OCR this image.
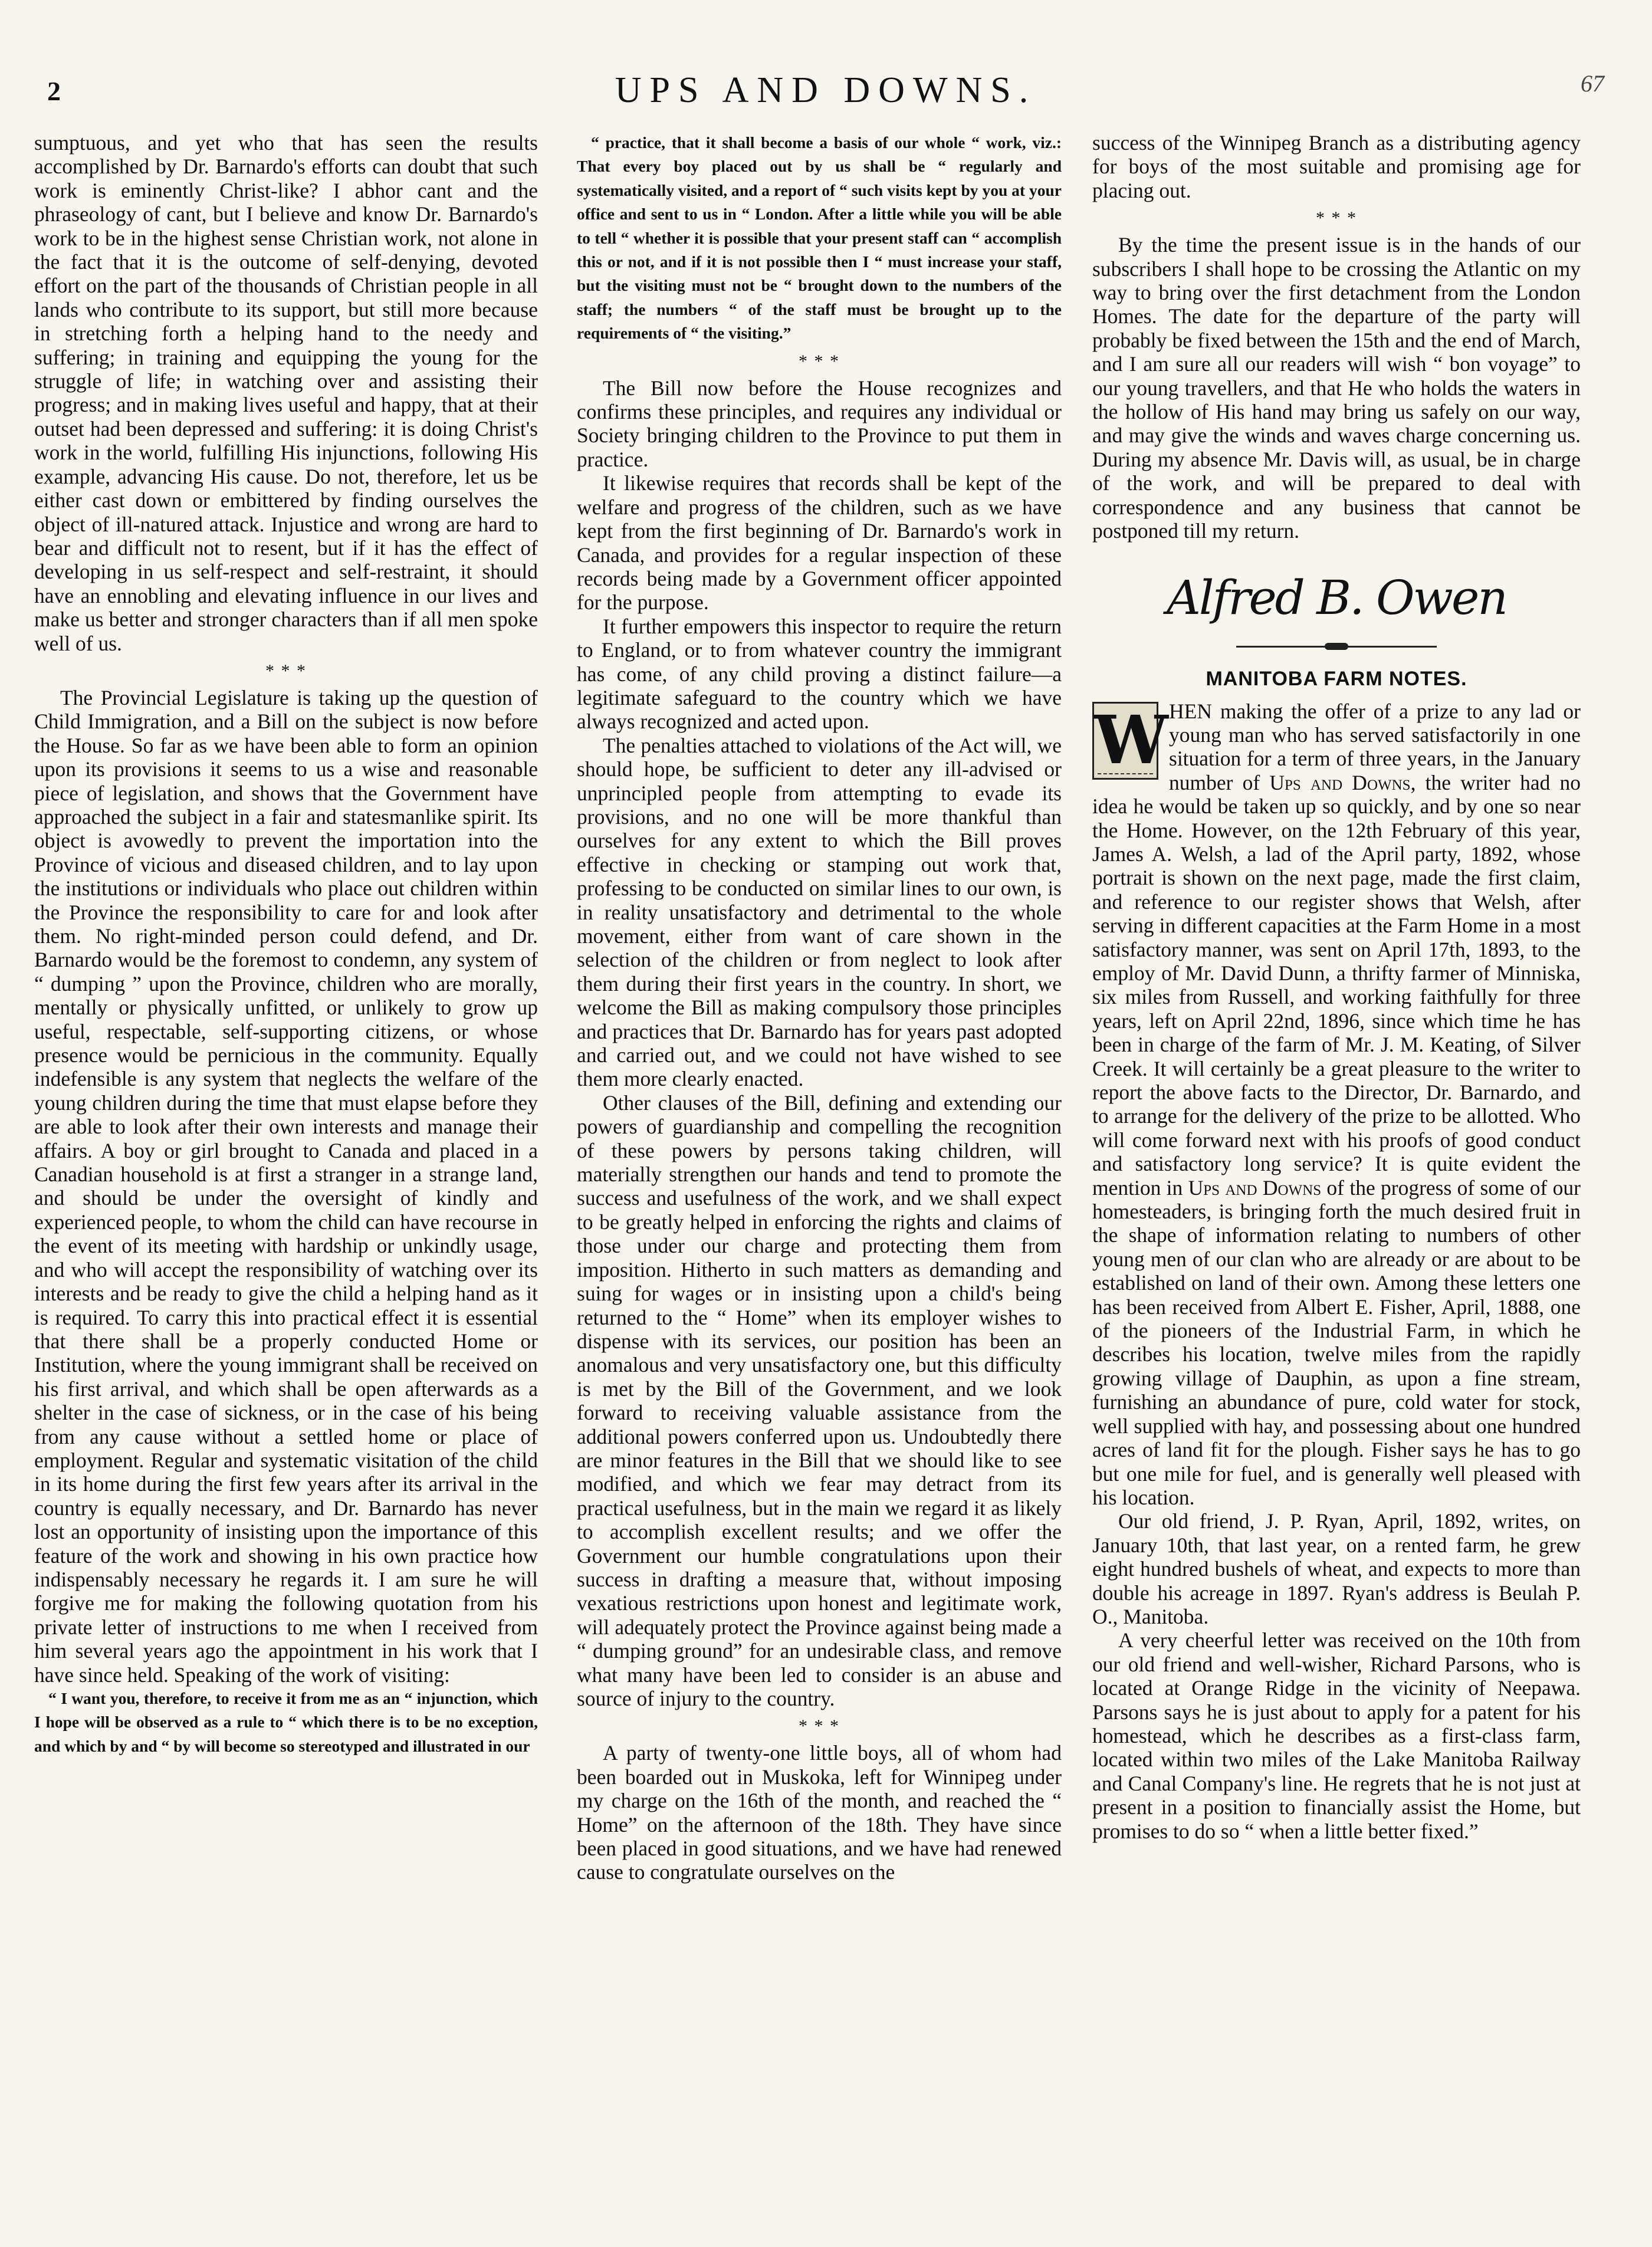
UPS AND DOWNS.
2	67

sumptuous, and yet who that has seen the results accomplished by Dr. Barnardo's efforts can doubt that such work is eminently Christ-like? I abhor cant and the phraseology of cant, but I believe and know Dr. Barnardo's work to be in the highest sense Christian work, not alone in the fact that it is the outcome of self-denying, devoted effort on the part of the thousands of Christian people in all lands who contribute to its support, but still more because in stretching forth a helping hand to the needy and suffering; in training and equipping the young for the struggle of life; in watching over and assisting their progress; and in making lives useful and happy, that at their outset had been depressed and suffering: it is doing Christ's work in the world, fulfilling His injunctions, following His example, advancing His cause. Do not, therefore, let us be either cast down or embittered by finding ourselves the object of ill-natured attack. Injustice and wrong are hard to bear and difficult not to resent, but if it has the effect of developing in us self-respect and self-restraint, it should have an ennobling and elevating influence in our lives and make us better and stronger characters than if all men spoke well of us.

* * *

The Provincial Legislature is taking up the question of Child Immigration, and a Bill on the subject is now before the House. So far as we have been able to form an opinion upon its provisions it seems to us a wise and reasonable piece of legislation, and shows that the Government have approached the subject in a fair and statesmanlike spirit. Its object is avowedly to prevent the importation into the Province of vicious and diseased children, and to lay upon the institutions or individuals who place out children within the Province the responsibility to care for and look after them. No right-minded person could defend, and Dr. Barnardo would be the foremost to condemn, any system of “ dumping ” upon the Province, children who are morally, mentally or physically unfitted, or unlikely to grow up useful, respectable, self-supporting citizens, or whose presence would be pernicious in the community. Equally indefensible is any system that neglects the welfare of the young children during the time that must elapse before they are able to look after their own interests and manage their affairs. A boy or girl brought to Canada and placed in a Canadian household is at first a stranger in a strange land, and should be under the oversight of kindly and experienced people, to whom the child can have recourse in the event of its meeting with hardship or unkindly usage, and who will accept the responsibility of watching over its interests and be ready to give the child a helping hand as it is required. To carry this into practical effect it is essential that there shall be a properly conducted Home or Institution, where the young immigrant shall be received on his first arrival, and which shall be open afterwards as a shelter in the case of sickness, or in the case of his being from any cause without a settled home or place of employment. Regular and systematic visitation of the child in its home during the first few years after its arrival in the country is equally necessary, and Dr. Barnardo has never lost an opportunity of insisting upon the importance of this feature of the work and showing in his own practice how indispensably necessary he regards it. I am sure he will forgive me for making the following quotation from his private letter of instructions to me when I received from him several years ago the appointment in his work that I have since held. Speaking of the work of visiting:

“ I want you, therefore, to receive it from me as an “ injunction, which I hope will be observed as a rule to “ which there is to be no exception, and which by and “ by will become so stereotyped and illustrated in our

“ practice, that it shall become a basis of our whole “ work, viz.: That every boy placed out by us shall be “ regularly and systematically visited, and a report of “ such visits kept by you at your office and sent to us in “ London. After a little while you will be able to tell “ whether it is possible that your present staff can “ accomplish this or not, and if it is not possible then I “ must increase your staff, but the visiting must not be “ brought down to the numbers of the staff; the numbers “ of the staff must be brought up to the requirements of “ the visiting.”

* * *

The Bill now before the House recognizes and confirms these principles, and requires any individual or Society bringing children to the Province to put them in practice.

It likewise requires that records shall be kept of the welfare and progress of the children, such as we have kept from the first beginning of Dr. Barnardo's work in Canada, and provides for a regular inspection of these records being made by a Government officer appointed for the purpose.

It further empowers this inspector to require the return to England, or to from whatever country the immigrant has come, of any child proving a distinct failure—a legitimate safeguard to the country which we have always recognized and acted upon.

The penalties attached to violations of the Act will, we should hope, be sufficient to deter any ill-advised or unprincipled people from attempting to evade its provisions, and no one will be more thankful than ourselves for any extent to which the Bill proves effective in checking or stamping out work that, professing to be conducted on similar lines to our own, is in reality unsatisfactory and detrimental to the whole movement, either from want of care shown in the selection of the children or from neglect to look after them during their first years in the country. In short, we welcome the Bill as making compulsory those principles and practices that Dr. Barnardo has for years past adopted and carried out, and we could not have wished to see them more clearly enacted.

Other clauses of the Bill, defining and extending our powers of guardianship and compelling the recognition of these powers by persons taking children, will materially strengthen our hands and tend to promote the success and usefulness of the work, and we shall expect to be greatly helped in enforcing the rights and claims of those under our charge and protecting them from imposition. Hitherto in such matters as demanding and suing for wages or in insisting upon a child's being returned to the “ Home” when its employer wishes to dispense with its services, our position has been an anomalous and very unsatisfactory one, but this difficulty is met by the Bill of the Government, and we look forward to receiving valuable assistance from the additional powers conferred upon us. Undoubtedly there are minor features in the Bill that we should like to see modified, and which we fear may detract from its practical usefulness, but in the main we regard it as likely to accomplish excellent results; and we offer the Government our humble congratulations upon their success in drafting a measure that, without imposing vexatious restrictions upon honest and legitimate work, will adequately protect the Province against being made a “ dumping ground” for an undesirable class, and remove what many have been led to consider is an abuse and source of injury to the country.

* * *

A party of twenty-one little boys, all of whom had been boarded out in Muskoka, left for Winnipeg under my charge on the 16th of the month, and reached the “ Home” on the afternoon of the 18th. They have since been placed in good situations, and we have had renewed cause to congratulate ourselves on the

success of the Winnipeg Branch as a distributing agency for boys of the most suitable and promising age for placing out.

* * *

By the time the present issue is in the hands of our subscribers I shall hope to be crossing the Atlantic on my way to bring over the first detachment from the London Homes. The date for the departure of the party will probably be fixed between the 15th and the end of March, and I am sure all our readers will wish “ bon voyage” to our young travellers, and that He who holds the waters in the hollow of His hand may bring us safely on our way, and may give the winds and waves charge concerning us. During my absence Mr. Davis will, as usual, be in charge of the work, and will be prepared to deal with correspondence and any business that cannot be postponed till my return.

Alfred B. Owen
MANITOBA FARM NOTES.

W HEN making the offer of a prize to any lad or young man who has served satisfactorily in one situation for a term of three years, in the January number of Ups and Downs, the writer had no idea he would be taken up so quickly, and by one so near the Home. However, on the 12th February of this year, James A. Welsh, a lad of the April party, 1892, whose portrait is shown on the next page, made the first claim, and reference to our register shows that Welsh, after serving in different capacities at the Farm Home in a most satisfactory manner, was sent on April 17th, 1893, to the employ of Mr. David Dunn, a thrifty farmer of Minniska, six miles from Russell, and working faithfully for three years, left on April 22nd, 1896, since which time he has been in charge of the farm of Mr. J. M. Keating, of Silver Creek. It will certainly be a great pleasure to the writer to report the above facts to the Director, Dr. Barnardo, and to arrange for the delivery of the prize to be allotted. Who will come forward next with his proofs of good conduct and satisfactory long service? It is quite evident the mention in Ups and Downs of the progress of some of our homesteaders, is bringing forth the much desired fruit in the shape of information relating to numbers of other young men of our clan who are already or are about to be established on land of their own. Among these letters one has been received from Albert E. Fisher, April, 1888, one of the pioneers of the Industrial Farm, in which he describes his location, twelve miles from the rapidly growing village of Dauphin, as upon a fine stream, furnishing an abundance of pure, cold water for stock, well supplied with hay, and possessing about one hundred acres of land fit for the plough. Fisher says he has to go but one mile for fuel, and is generally well pleased with his location.

Our old friend, J. P. Ryan, April, 1892, writes, on January 10th, that last year, on a rented farm, he grew eight hundred bushels of wheat, and expects to more than double his acreage in 1897. Ryan's address is Beulah P. O., Manitoba.

A very cheerful letter was received on the 10th from our old friend and well-wisher, Richard Parsons, who is located at Orange Ridge in the vicinity of Neepawa. Parsons says he is just about to apply for a patent for his homestead, which he describes as a first-class farm, located within two miles of the Lake Manitoba Railway and Canal Company's line. He regrets that he is not just at present in a position to financially assist the Home, but promises to do so “ when a little better fixed.”
